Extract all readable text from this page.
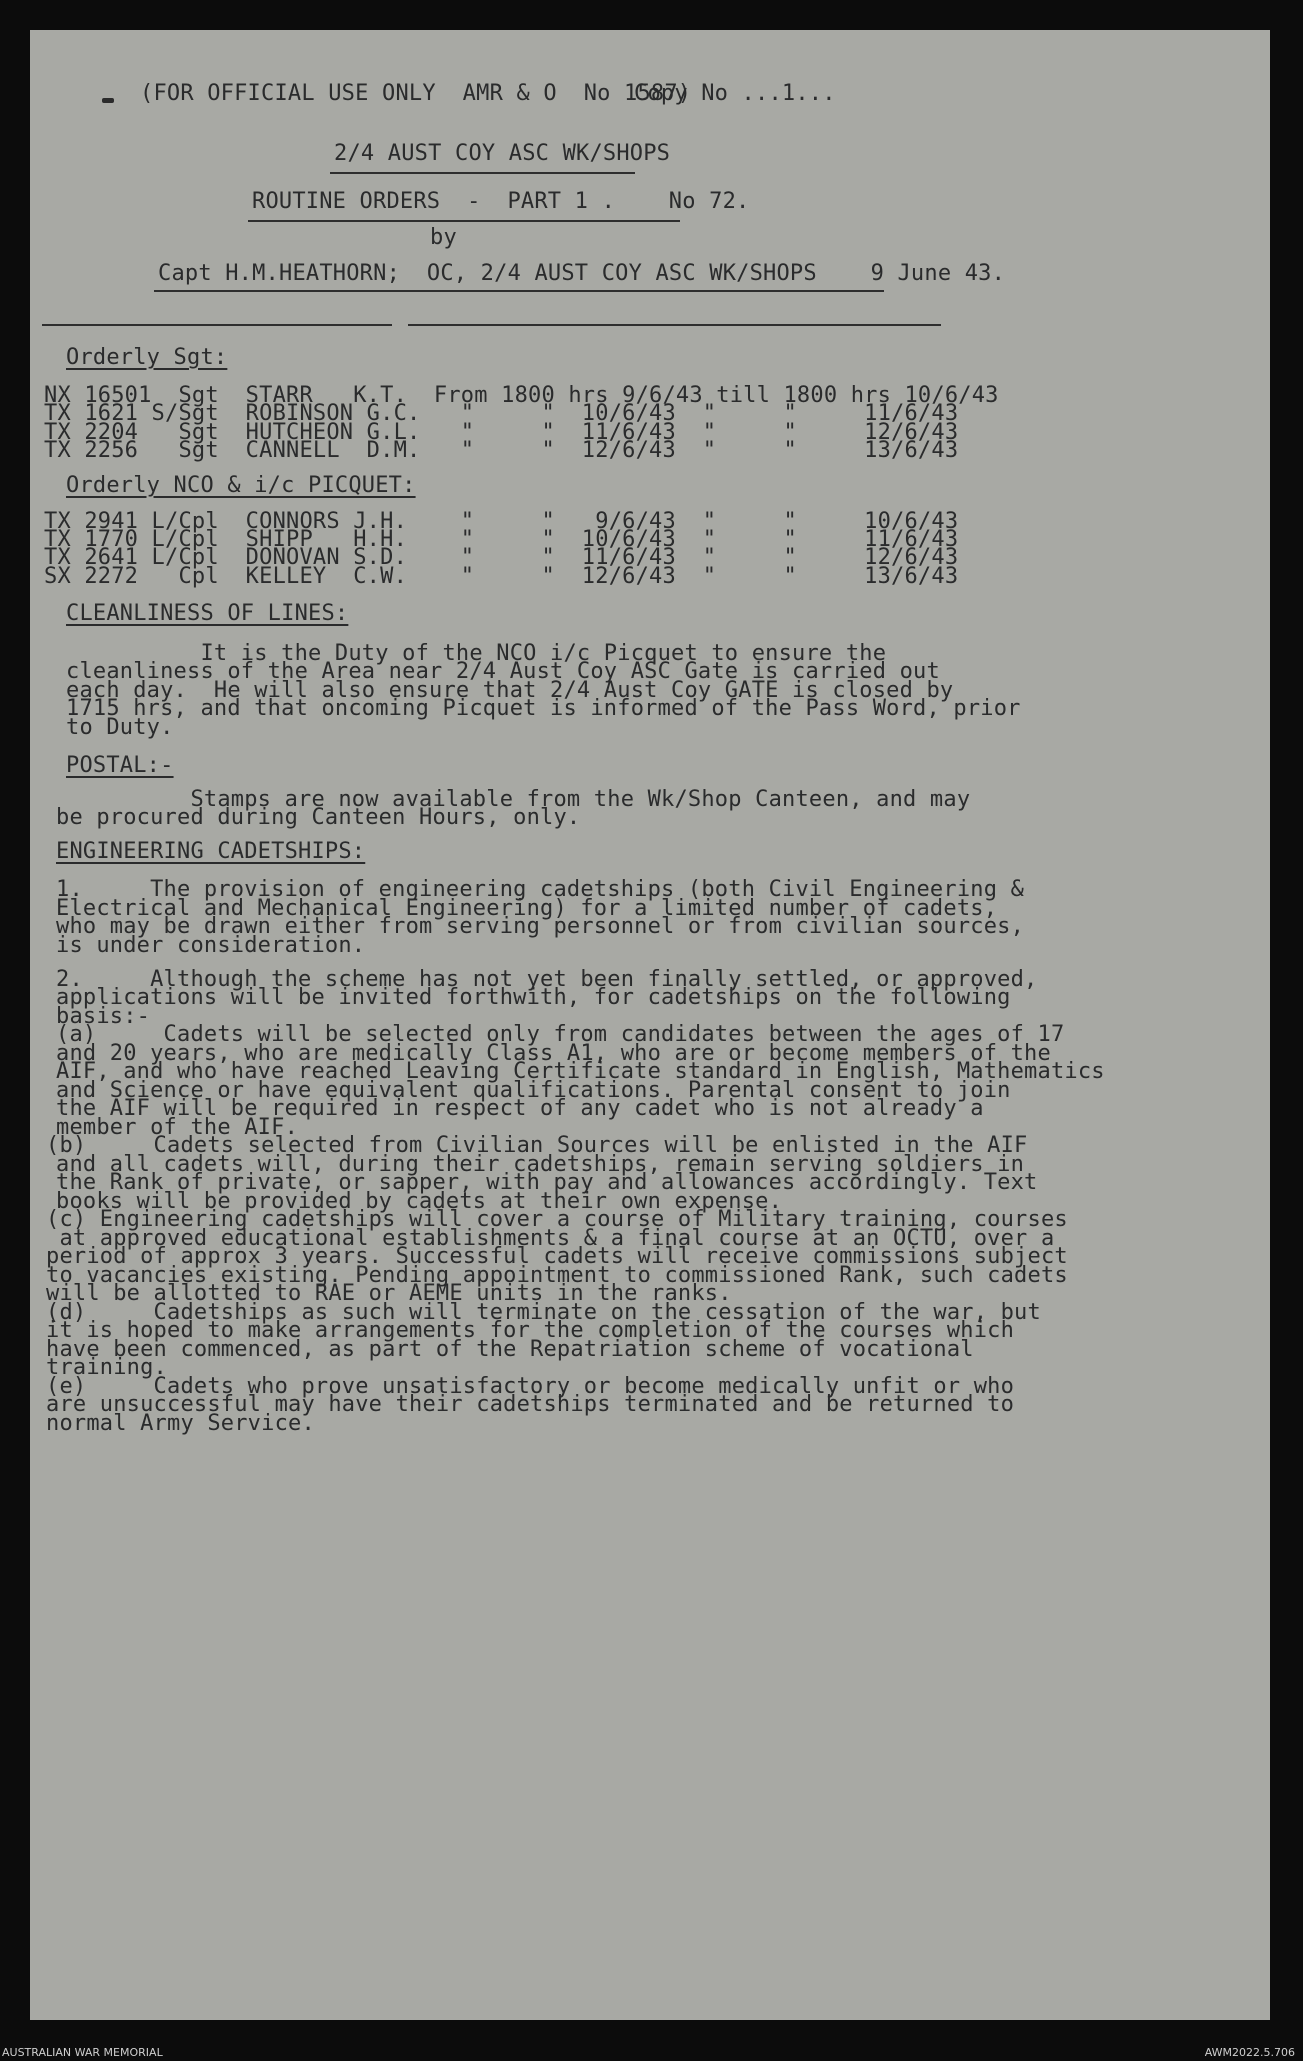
(FOR OFFICIAL USE ONLY  AMR & O  No 1587)
Copy No ...1...
2/4 AUST COY ASC WK/SHOPS
ROUTINE ORDERS  -  PART 1 .    No 72.
by
Capt H.M.HEATHORN;  OC, 2/4 AUST COY ASC WK/SHOPS    9 June 43.
Orderly Sgt:
NX 16501  Sgt  STARR   K.T.  From 1800 hrs 9/6/43 till 1800 hrs 10/6/43
TX 1621 S/Sgt  ROBINSON G.C.   "     "  10/6/43  "     "     11/6/43
TX 2204   Sgt  HUTCHEON G.L.   "     "  11/6/43  "     "     12/6/43
TX 2256   Sgt  CANNELL  D.M.   "     "  12/6/43  "     "     13/6/43
Orderly NCO & i/c PICQUET:
TX 2941 L/Cpl  CONNORS J.H.    "     "   9/6/43  "     "     10/6/43
TX 1770 L/Cpl  SHIPP   H.H.    "     "  10/6/43  "     "     11/6/43
TX 2641 L/Cpl  DONOVAN S.D.    "     "  11/6/43  "     "     12/6/43
SX 2272   Cpl  KELLEY  C.W.    "     "  12/6/43  "     "     13/6/43
CLEANLINESS OF LINES:
It is the Duty of the NCO i/c Picquet to ensure the
cleanliness of the Area near 2/4 Aust Coy ASC Gate is carried out
each day.  He will also ensure that 2/4 Aust Coy GATE is closed by
1715 hrs, and that oncoming Picquet is informed of the Pass Word, prior
to Duty.
POSTAL:-
Stamps are now available from the Wk/Shop Canteen, and may
be procured during Canteen Hours, only.
ENGINEERING CADETSHIPS:
1.     The provision of engineering cadetships (both Civil Engineering &
Electrical and Mechanical Engineering) for a limited number of cadets,
who may be drawn either from serving personnel or from civilian sources,
is under consideration.
2.     Although the scheme has not yet been finally settled, or approved,
applications will be invited forthwith, for cadetships on the following
basis:-
(a)     Cadets will be selected only from candidates between the ages of 17
and 20 years, who are medically Class A1, who are or become members of the
AIF, and who have reached Leaving Certificate standard in English, Mathematics
and Science or have equivalent qualifications. Parental consent to join
the AIF will be required in respect of any cadet who is not already a
member of the AIF.
(b)     Cadets selected from Civilian Sources will be enlisted in the AIF
and all cadets will, during their cadetships, remain serving soldiers in
the Rank of private, or sapper, with pay and allowances accordingly. Text
books will be provided by cadets at their own expense.
(c) Engineering cadetships will cover a course of Military training, courses
at approved educational establishments & a final course at an OCTU, over a
period of approx 3 years. Successful cadets will receive commissions subject
to vacancies existing. Pending appointment to commissioned Rank, such cadets
will be allotted to RAE or AEME units in the ranks.
(d)     Cadetships as such will terminate on the cessation of the war, but
it is hoped to make arrangements for the completion of the courses which
have been commenced, as part of the Repatriation scheme of vocational
training.
(e)     Cadets who prove unsatisfactory or become medically unfit or who
are unsuccessful may have their cadetships terminated and be returned to
normal Army Service.
AUSTRALIAN WAR MEMORIAL	AWM2022.5.706
